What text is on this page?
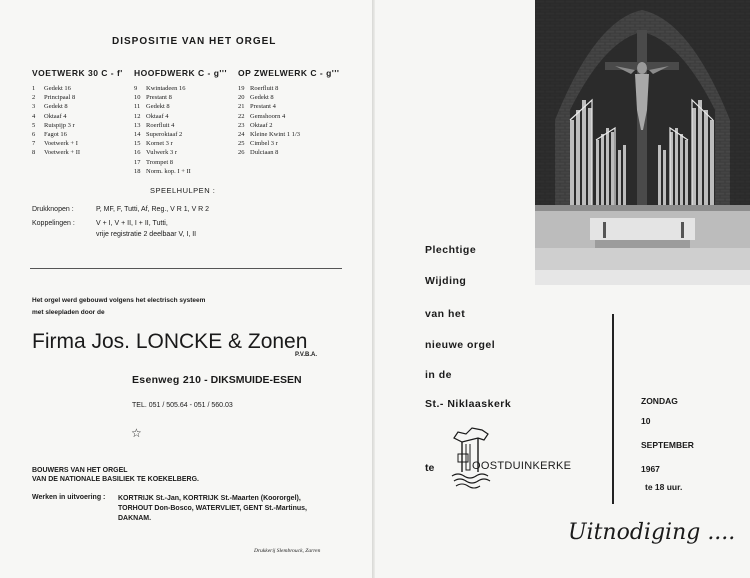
DISPOSITIE VAN HET ORGEL
VOETWERK 30 C - f'
1 Gedekt 16
2 Principaal 8
3 Gedekt 8
4 Oktaaf 4
5 Ruispijp 3 r
6 Fagot 16
7 Voetwerk + I
8 Voetwerk + II
HOOFDWERK C - g'''
9 Kwintadeen 16
10 Prestant 8
11 Gedekt 8
12 Oktaaf 4
13 Roerfluit 4
14 Superoktaaf 2
15 Kornet 3 r
16 Vulwerk 3 r
17 Trompet 8
18 Norm. kop. I + II
OP ZWELWERK C - g'''
19 Roerfluit 8
20 Gedekt 8
21 Prestant 4
22 Gemshoorn 4
23 Oktaaf 2
24 Kleine Kwint 1 1/3
25 Cimbel 3 r
26 Dulciaan 8
SPEELHULPEN :
Drukknopen :	P, MF, F, Tutti, Af, Reg., V R 1, V R 2
Koppelingen :	V + I, V + II, I + II, Tutti,
vrije registratie 2 deelbaar V, I, II
Het orgel werd gebouwd volgens het electrisch systeem
met sleepladen door de
Firma Jos. LONCKE & Zonen
P.V.B.A.
Esenweg 210 - DIKSMUIDE-ESEN
TEL. 051 / 505.64 - 051 / 560.03
☆
BOUWERS VAN HET ORGEL
VAN DE NATIONALE BASILIEK TE KOEKELBERG.
Werken in uitvoering : KORTRIJK St.-Jan, KORTRIJK St.-Maarten (Koororgel),
TORHOUT Don-Bosco, WATERVLIET, GENT St.-Martinus,
DAKNAM.
Drukkerij Slembrouck, Zarren

Plechtige
Wijding
van het
nieuwe orgel
in de
St.- Niklaaskerk	ZONDAG
10
SEPTEMBER
1967
te 18 uur.
te	OOSTDUINKERKE
Uitnodiging ....
